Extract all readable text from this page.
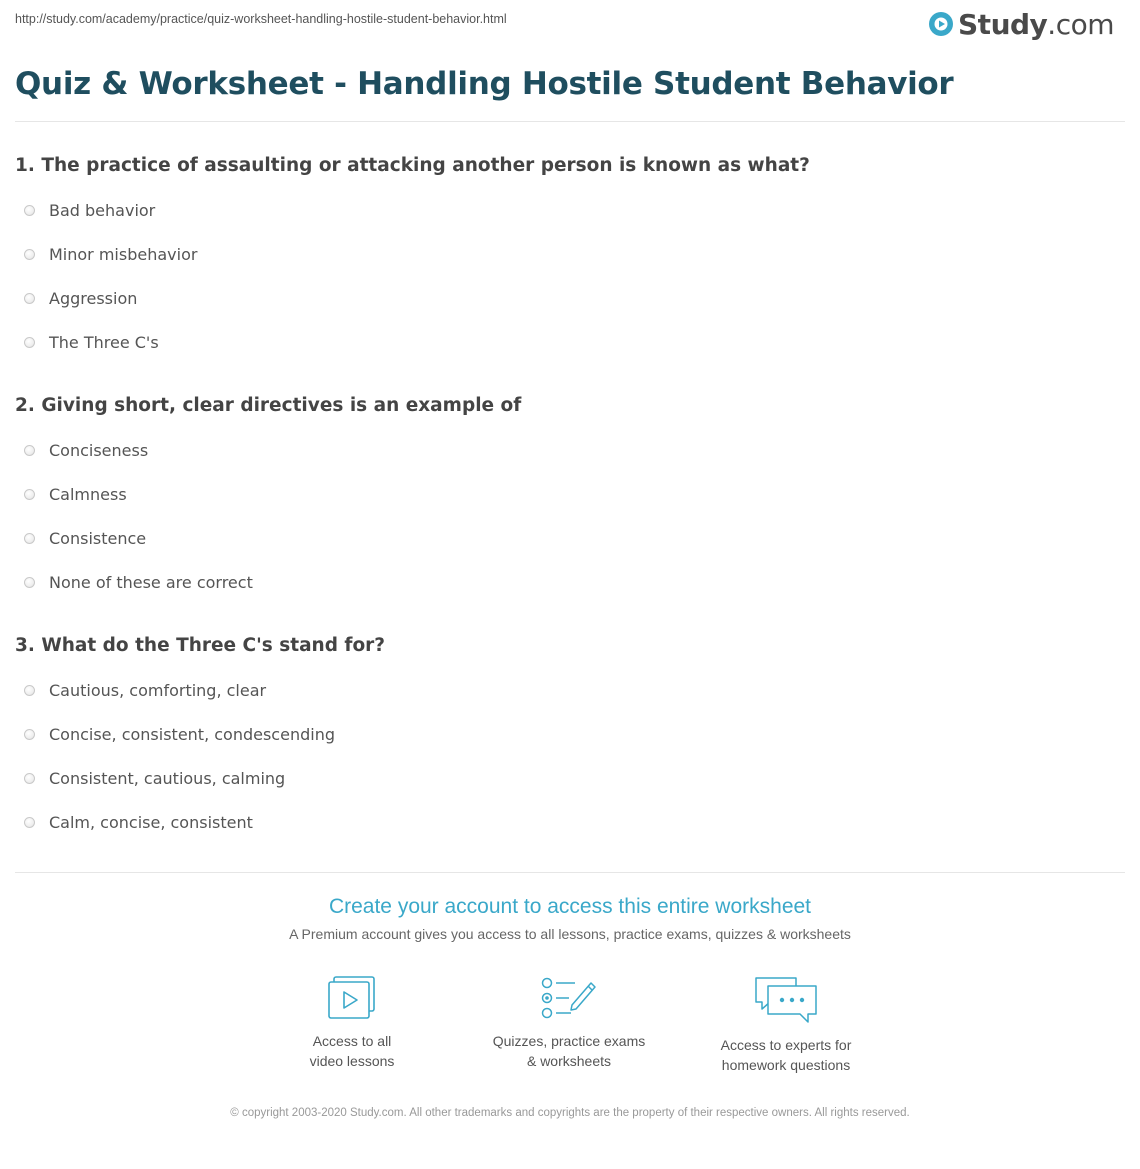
http://study.com/academy/practice/quiz-worksheet-handling-hostile-student-behavior.html	Study.com
Quiz & Worksheet - Handling Hostile Student Behavior
1. The practice of assaulting or attacking another person is known as what?
Bad behavior
Minor misbehavior
Aggression
The Three C's
2. Giving short, clear directives is an example of
Conciseness
Calmness
Consistence
None of these are correct
3. What do the Three C's stand for?
Cautious, comforting, clear
Concise, consistent, condescending
Consistent, cautious, calming
Calm, concise, consistent
Create your account to access this entire worksheet
A Premium account gives you access to all lessons, practice exams, quizzes & worksheets
Access to all
video lessons
Quizzes, practice exams
& worksheets
Access to experts for
homework questions
© copyright 2003-2020 Study.com. All other trademarks and copyrights are the property of their respective owners. All rights reserved.
